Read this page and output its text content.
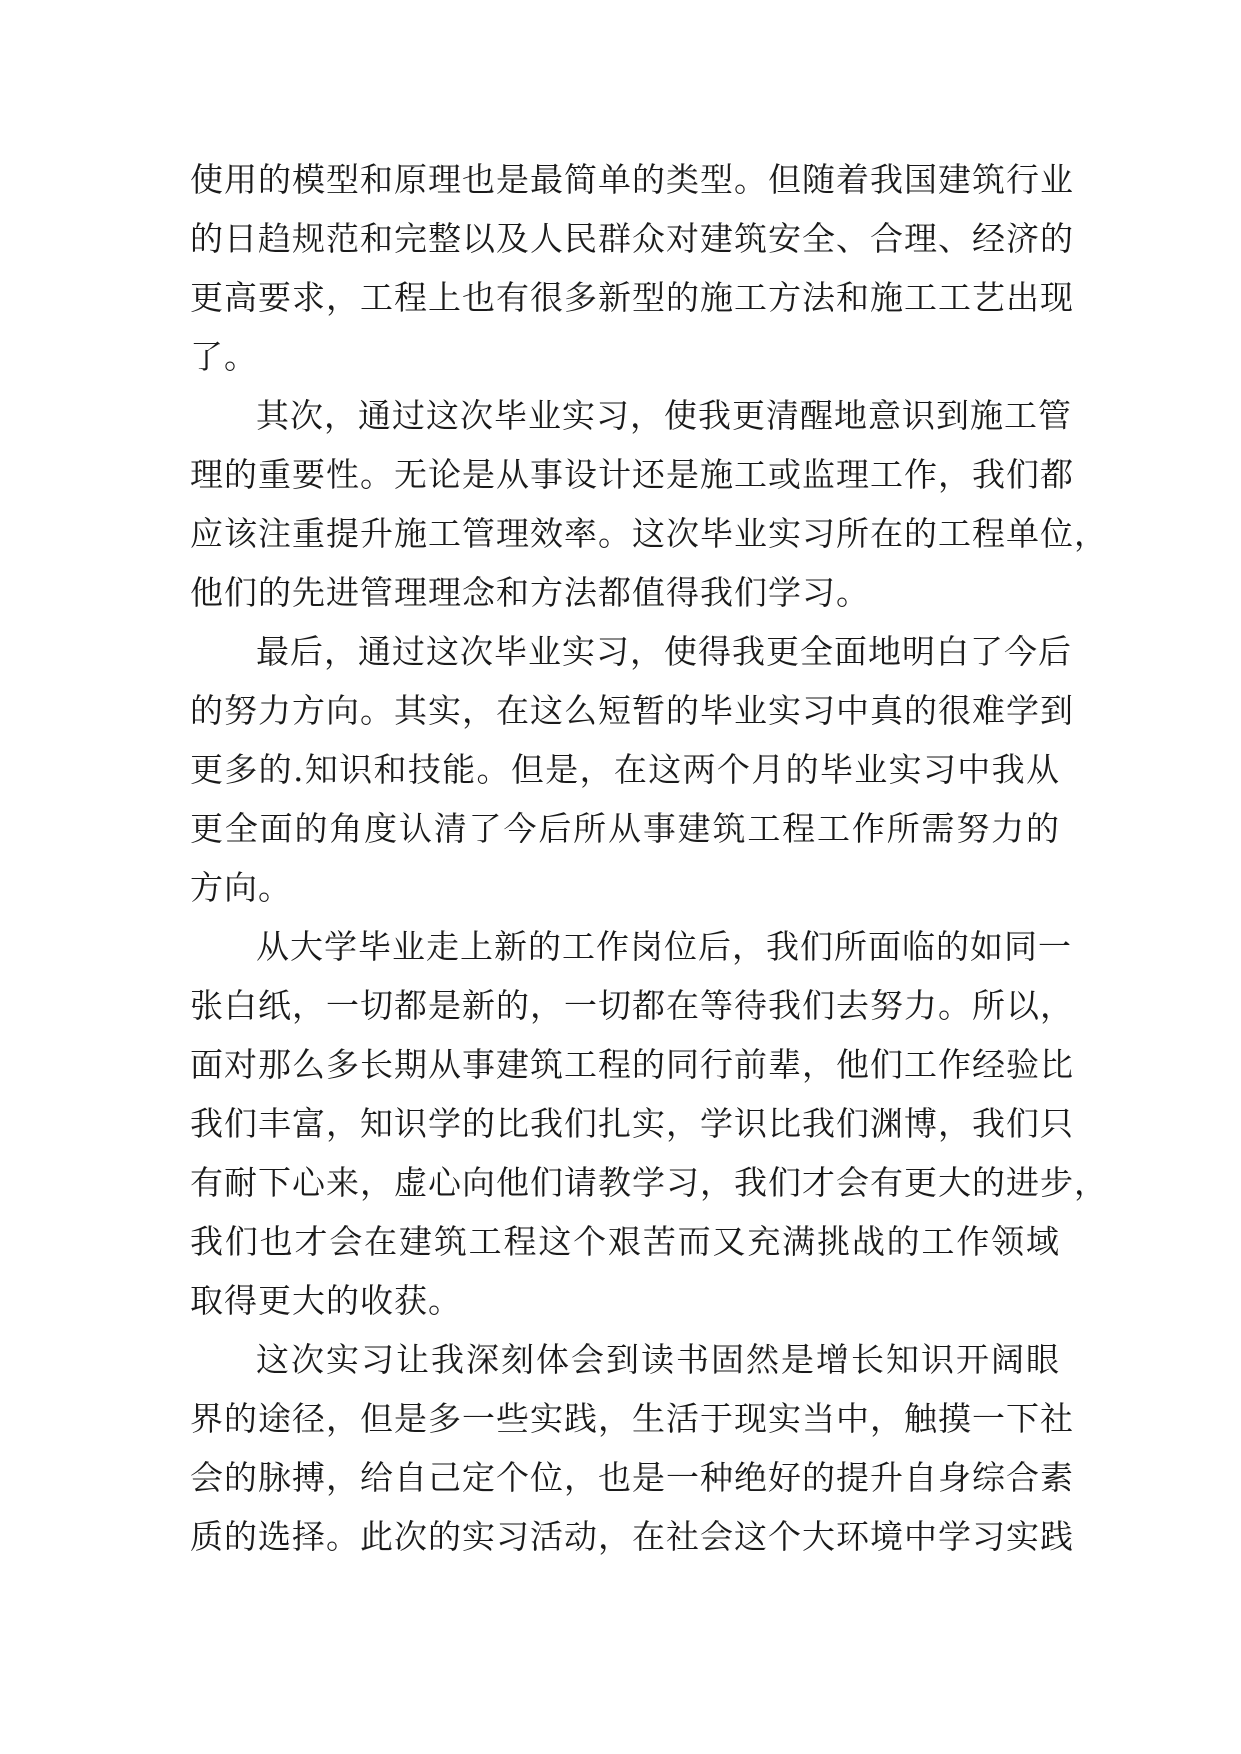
使用的模型和原理也是最简单的类型。但随着我国建筑行业
的日趋规范和完整以及人民群众对建筑安全、合理、经济的
更高要求，工程上也有很多新型的施工方法和施工工艺出现
了。
其次，通过这次毕业实习，使我更清醒地意识到施工管
理的重要性。无论是从事设计还是施工或监理工作，我们都
应该注重提升施工管理效率。这次毕业实习所在的工程单位，
他们的先进管理理念和方法都值得我们学习。
最后，通过这次毕业实习，使得我更全面地明白了今后
的努力方向。其实，在这么短暂的毕业实习中真的很难学到
更多的.知识和技能。但是，在这两个月的毕业实习中我从
更全面的角度认清了今后所从事建筑工程工作所需努力的
方向。
从大学毕业走上新的工作岗位后，我们所面临的如同一
张白纸，一切都是新的，一切都在等待我们去努力。所以，
面对那么多长期从事建筑工程的同行前辈，他们工作经验比
我们丰富，知识学的比我们扎实，学识比我们渊博，我们只
有耐下心来，虚心向他们请教学习，我们才会有更大的进步，
我们也才会在建筑工程这个艰苦而又充满挑战的工作领域
取得更大的收获。
这次实习让我深刻体会到读书固然是增长知识开阔眼
界的途径，但是多一些实践，生活于现实当中，触摸一下社
会的脉搏，给自己定个位，也是一种绝好的提升自身综合素
质的选择。此次的实习活动，在社会这个大环境中学习实践
